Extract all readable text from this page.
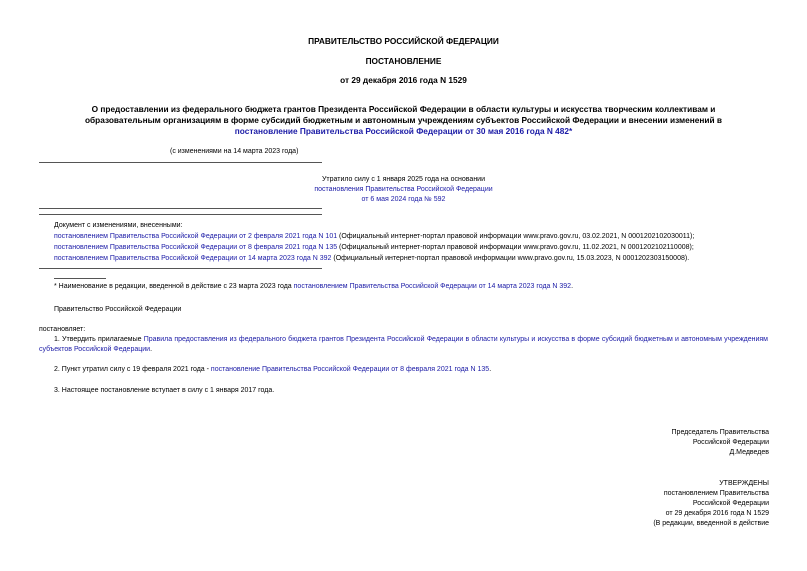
ПРАВИТЕЛЬСТВО РОССИЙСКОЙ ФЕДЕРАЦИИ
ПОСТАНОВЛЕНИЕ
от 29 декабря 2016 года N 1529
О предоставлении из федерального бюджета грантов Президента Российской Федерации в области культуры и искусства творческим коллективам и
образовательным организациям в форме субсидий бюджетным и автономным учреждениям субъектов Российской Федерации и внесении изменений в
постановление Правительства Российской Федерации от 30 мая 2016 года N 482*
(с изменениями на 14 марта 2023 года)
Утратило силу с 1 января 2025 года на основании
постановления Правительства Российской Федерации
от 6 мая 2024 года № 592
Документ с изменениями, внесенными:
постановлением Правительства Российской Федерации от 2 февраля 2021 года N 101 (Официальный интернет-портал правовой информации www.pravo.gov.ru, 03.02.2021, N 0001202102030011);
постановлением Правительства Российской Федерации от 8 февраля 2021 года N 135 (Официальный интернет-портал правовой информации www.pravo.gov.ru, 11.02.2021, N 0001202102110008);
постановлением Правительства Российской Федерации от 14 марта 2023 года N 392 (Официальный интернет-портал правовой информации www.pravo.gov.ru, 15.03.2023, N 0001202303150008).
* Наименование в редакции, введенной в действие с 23 марта 2023 года постановлением Правительства Российской Федерации от 14 марта 2023 года N 392.
Правительство Российской Федерации
постановляет:
1. Утвердить прилагаемые Правила предоставления из федерального бюджета грантов Президента Российской Федерации в области культуры и искусства в форме субсидий бюджетным и автономным учреждениям субъектов Российской Федерации.
2. Пункт утратил силу с 19 февраля 2021 года - постановление Правительства Российской Федерации от 8 февраля 2021 года N 135.
3. Настоящее постановление вступает в силу с 1 января 2017 года.
Председатель Правительства
Российской Федерации
Д.Медведев
УТВЕРЖДЕНЫ
постановлением Правительства
Российской Федерации
от 29 декабря 2016 года N 1529
(В редакции, введенной в действие
